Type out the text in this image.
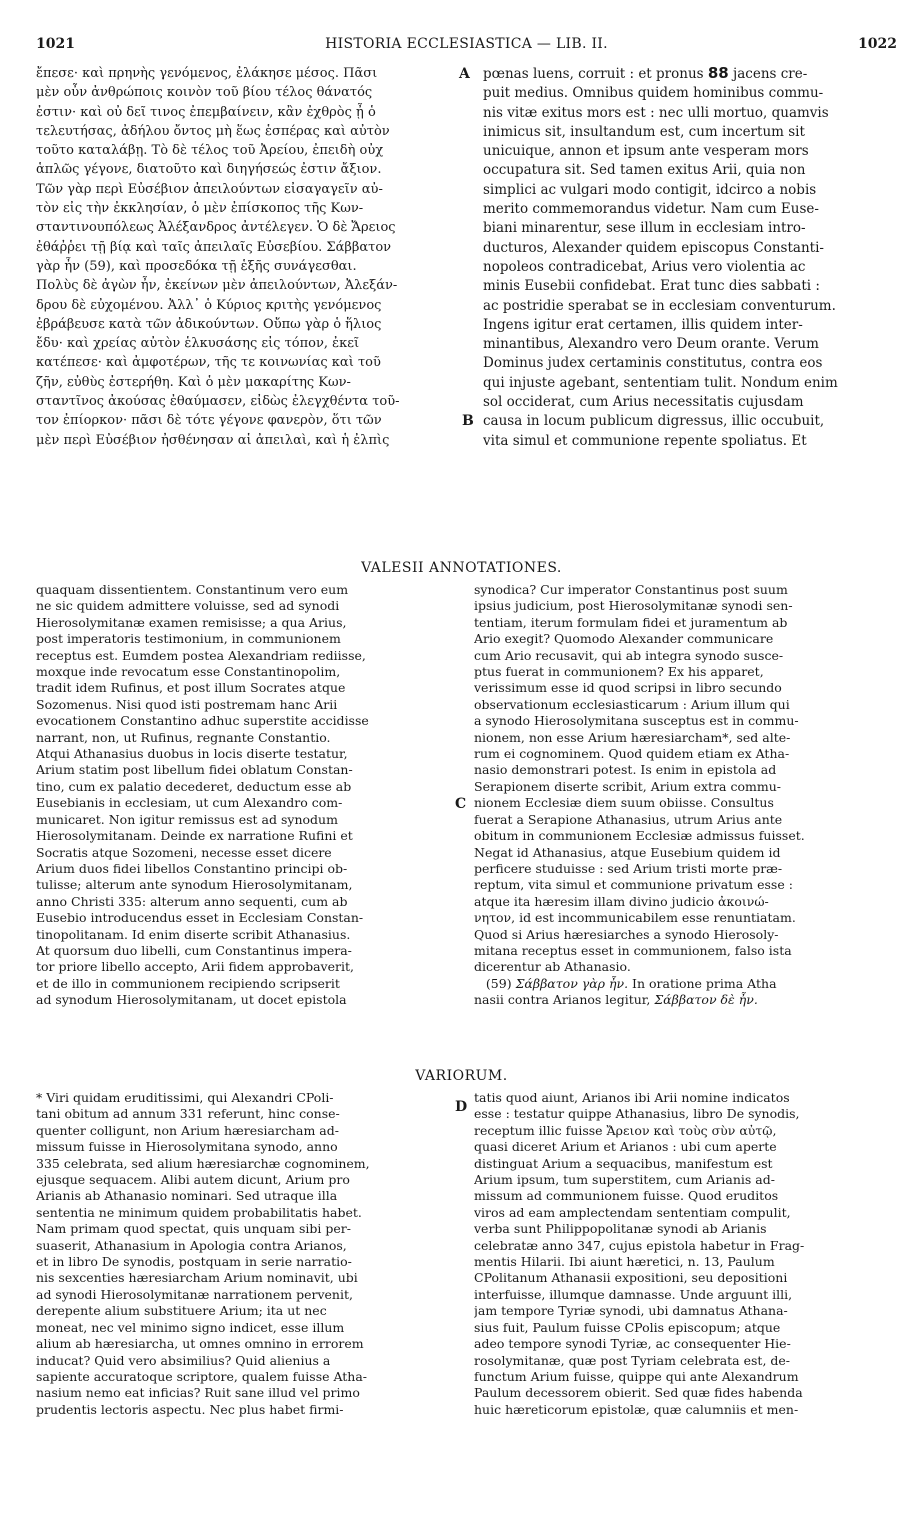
1021	HISTORIA ECCLESIASTICA — LIB. II.	1022
ἔπεσε· καὶ πρηνὴς γενόμενος, ἐλάκησε μέσος. Πᾶσι
μὲν οὖν ἀνθρώποις κοινὸν τοῦ βίου τέλος θάνατός
ἐστιν· καὶ οὐ δεῖ τινος ἐπεμβαίνειν, κἂν ἐχθρὸς ᾖ ὁ
τελευτήσας, ἀδήλου ὄντος μὴ ἕως ἑσπέρας καὶ αὐτὸν
τοῦτο καταλάβῃ. Τὸ δὲ τέλος τοῦ Ἀρείου, ἐπειδὴ οὐχ
ἁπλῶς γέγονε, διατοῦτο καὶ διηγήσεώς ἐστιν ἄξιον.
Τῶν γὰρ περὶ Εὐσέβιον ἀπειλούντων εἰσαγαγεῖν αὐ-
τὸν εἰς τὴν ἐκκλησίαν, ὁ μὲν ἐπίσκοπος τῆς Κων-
σταντινουπόλεως Ἀλέξανδρος ἀντέλεγεν. Ὁ δὲ Ἄρειος
ἐθάῤῥει τῇ βίᾳ καὶ ταῖς ἀπειλαῖς Εὐσεβίου. Σάββατον
γὰρ ἦν (59), καὶ προσεδόκα τῇ ἑξῆς συνάγεσθαι.
Πολὺς δὲ ἀγὼν ἦν, ἐκείνων μὲν ἀπειλούντων, Ἀλεξάν-
δρου δὲ εὐχομένου. Ἀλλ᾽ ὁ Κύριος κριτὴς γενόμενος
ἐβράβευσε κατὰ τῶν ἀδικούντων. Οὔπω γὰρ ὁ ἥλιος
ἔδυ· καὶ χρείας αὐτὸν ἑλκυσάσης εἰς τόπον, ἐκεῖ
κατέπεσε· καὶ ἀμφοτέρων, τῆς τε κοινωνίας καὶ τοῦ
ζῆν, εὐθὺς ἐστερήθη. Καὶ ὁ μὲν μακαρίτης Κων-
σταντῖνος ἀκούσας ἐθαύμασεν, εἰδὼς ἐλεγχθέντα τοῦ-
τον ἐπίορκον· πᾶσι δὲ τότε γέγονε φανερὸν, ὅτι τῶν
μὲν περὶ Εὐσέβιον ἠσθένησαν αἱ ἀπειλαὶ, καὶ ἡ ἐλπὶς
pœnas luens, corruit : et pronus 88 jacens cre-
puit medius. Omnibus quidem hominibus commu-
nis vitæ exitus mors est : nec ulli mortuo, quamvis
inimicus sit, insultandum est, cum incertum sit
unicuique, annon et ipsum ante vesperam mors
occupatura sit. Sed tamen exitus Arii, quia non
simplici ac vulgari modo contigit, idcirco a nobis
merito commemorandus videtur. Nam cum Euse-
biani minarentur, sese illum in ecclesiam intro-
ducturos, Alexander quidem episcopus Constanti-
nopoleos contradicebat, Arius vero violentia ac
minis Eusebii confidebat. Erat tunc dies sabbati :
ac postridie sperabat se in ecclesiam conventurum.
Ingens igitur erat certamen, illis quidem inter-
minantibus, Alexandro vero Deum orante. Verum
Dominus judex certaminis constitutus, contra eos
qui injuste agebant, sententiam tulit. Nondum enim
sol occiderat, cum Arius necessitatis cujusdam
causa in locum publicum digressus, illic occubuit,
vita simul et communione repente spoliatus. Et
A
B
C
D
VALESII ANNOTATIONES.
quaquam dissentientem. Constantinum vero eum
ne sic quidem admittere voluisse, sed ad synodi
Hierosolymitanæ examen remisisse; a qua Arius,
post imperatoris testimonium, in communionem
receptus est. Eumdem postea Alexandriam rediisse,
moxque inde revocatum esse Constantinopolim,
tradit idem Rufinus, et post illum Socrates atque
Sozomenus. Nisi quod isti postremam hanc Arii
evocationem Constantino adhuc superstite accidisse
narrant, non, ut Rufinus, regnante Constantio.
Atqui Athanasius duobus in locis diserte testatur,
Arium statim post libellum fidei oblatum Constan-
tino, cum ex palatio decederet, deductum esse ab
Eusebianis in ecclesiam, ut cum Alexandro com-
municaret. Non igitur remissus est ad synodum
Hierosolymitanam. Deinde ex narratione Rufini et
Socratis atque Sozomeni, necesse esset dicere
Arium duos fidei libellos Constantino principi ob-
tulisse; alterum ante synodum Hierosolymitanam,
anno Christi 335: alterum anno sequenti, cum ab
Eusebio introducendus esset in Ecclesiam Constan-
tinopolitanam. Id enim diserte scribit Athanasius.
At quorsum duo libelli, cum Constantinus impera-
tor priore libello accepto, Arii fidem approbaverit,
et de illo in communionem recipiendo scripserit
ad synodum Hierosolymitanam, ut docet epistola
synodica? Cur imperator Constantinus post suum
ipsius judicium, post Hierosolymitanæ synodi sen-
tentiam, iterum formulam fidei et juramentum ab
Ario exegit? Quomodo Alexander communicare
cum Ario recusavit, qui ab integra synodo susce-
ptus fuerat in communionem? Ex his apparet,
verissimum esse id quod scripsi in libro secundo
observationum ecclesiasticarum : Arium illum qui
a synodo Hierosolymitana susceptus est in commu-
nionem, non esse Arium hæresiarcham*, sed alte-
rum ei cognominem. Quod quidem etiam ex Atha-
nasio demonstrari potest. Is enim in epistola ad
Serapionem diserte scribit, Arium extra commu-
nionem Ecclesiæ diem suum obiisse. Consultus
fuerat a Serapione Athanasius, utrum Arius ante
obitum in communionem Ecclesiæ admissus fuisset.
Negat id Athanasius, atque Eusebium quidem id
perficere studuisse : sed Arium tristi morte præ-
reptum, vita simul et communione privatum esse :
atque ita hæresim illam divino judicio ἀκοινώ-
νητον, id est incommunicabilem esse renuntiatam.
Quod si Arius hæresiarches a synodo Hierosoly-
mitana receptus esset in communionem, falso ista
dicerentur ab Athanasio.
(59) Σάββατον γὰρ ἦν. In oratione prima Atha
nasii contra Arianos legitur, Σάββατον δὲ ἦν.
VARIORUM.
* Viri quidam eruditissimi, qui Alexandri CPoli-
tani obitum ad annum 331 referunt, hinc conse-
quenter colligunt, non Arium hæresiarcham ad-
missum fuisse in Hierosolymitana synodo, anno
335 celebrata, sed alium hæresiarchæ cognominem,
ejusque sequacem. Alibi autem dicunt, Arium pro
Arianis ab Athanasio nominari. Sed utraque illa
sententia ne minimum quidem probabilitatis habet.
Nam primam quod spectat, quis unquam sibi per-
suaserit, Athanasium in Apologia contra Arianos,
et in libro De synodis, postquam in serie narratio-
nis sexcenties hæresiarcham Arium nominavit, ubi
ad synodi Hierosolymitanæ narrationem pervenit,
derepente alium substituere Arium; ita ut nec
moneat, nec vel minimo signo indicet, esse illum
alium ab hæresiarcha, ut omnes omnino in errorem
inducat? Quid vero absimilius? Quid alienius a
sapiente accuratoque scriptore, qualem fuisse Atha-
nasium nemo eat inficias? Ruit sane illud vel primo
prudentis lectoris aspectu. Nec plus habet firmi-
tatis quod aiunt, Arianos ibi Arii nomine indicatos
esse : testatur quippe Athanasius, libro De synodis,
receptum illic fuisse Ἄρειον καὶ τοὺς σὺν αὐτῷ,
quasi diceret Arium et Arianos : ubi cum aperte
distinguat Arium a sequacibus, manifestum est
Arium ipsum, tum superstitem, cum Arianis ad-
missum ad communionem fuisse. Quod eruditos
viros ad eam amplectendam sententiam compulit,
verba sunt Philippopolitanæ synodi ab Arianis
celebratæ anno 347, cujus epistola habetur in Frag-
mentis Hilarii. Ibi aiunt hæretici, n. 13, Paulum
CPolitanum Athanasii expositioni, seu depositioni
interfuisse, illumque damnasse. Unde arguunt illi,
jam tempore Tyriæ synodi, ubi damnatus Athana-
sius fuit, Paulum fuisse CPolis episcopum; atque
adeo tempore synodi Tyriæ, ac consequenter Hie-
rosolymitanæ, quæ post Tyriam celebrata est, de-
functum Arium fuisse, quippe qui ante Alexandrum
Paulum decessorem obierit. Sed quæ fides habenda
huic hæreticorum epistolæ, quæ calumniis et men-
